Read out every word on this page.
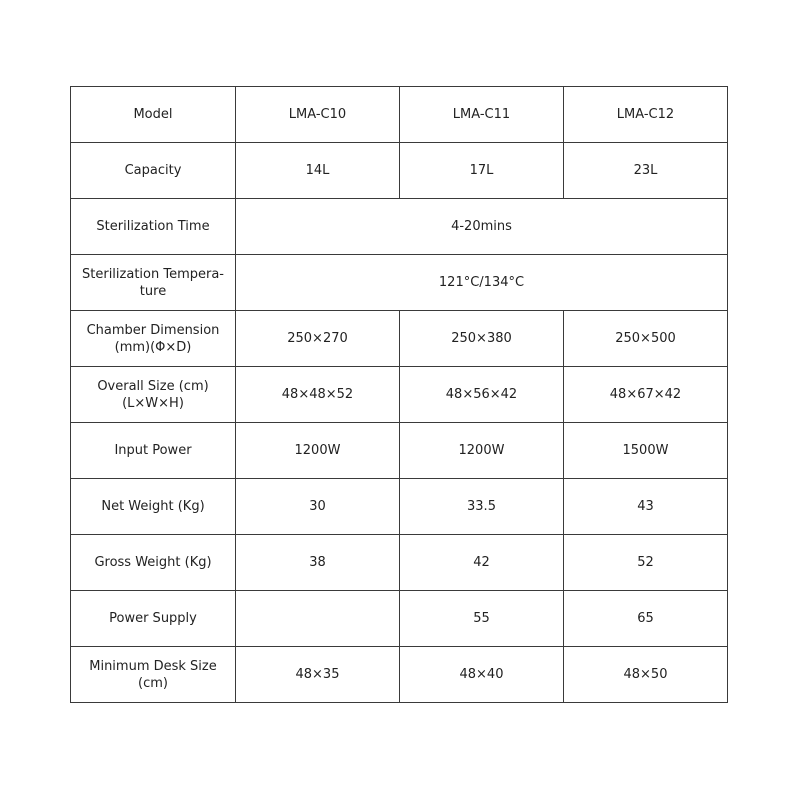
Model	LMA-C10	LMA-C11	LMA-C12
Capacity	14L	17L	23L
Sterilization Time	4-20mins		

Sterilization Tempera-
ture	121°C/134°C		

Chamber Dimension
(mm)(Φ×D)	250×270	250×380	250×500

Overall Size (cm)
(L×W×H)	48×48×52	48×56×42	48×67×42
Input Power	1200W	1200W	1500W
Net Weight (Kg)	30	33.5	43
Gross Weight (Kg)	38	42	52
Power Supply		55	65

Minimum Desk Size
(cm)	48×35	48×40	48×50
